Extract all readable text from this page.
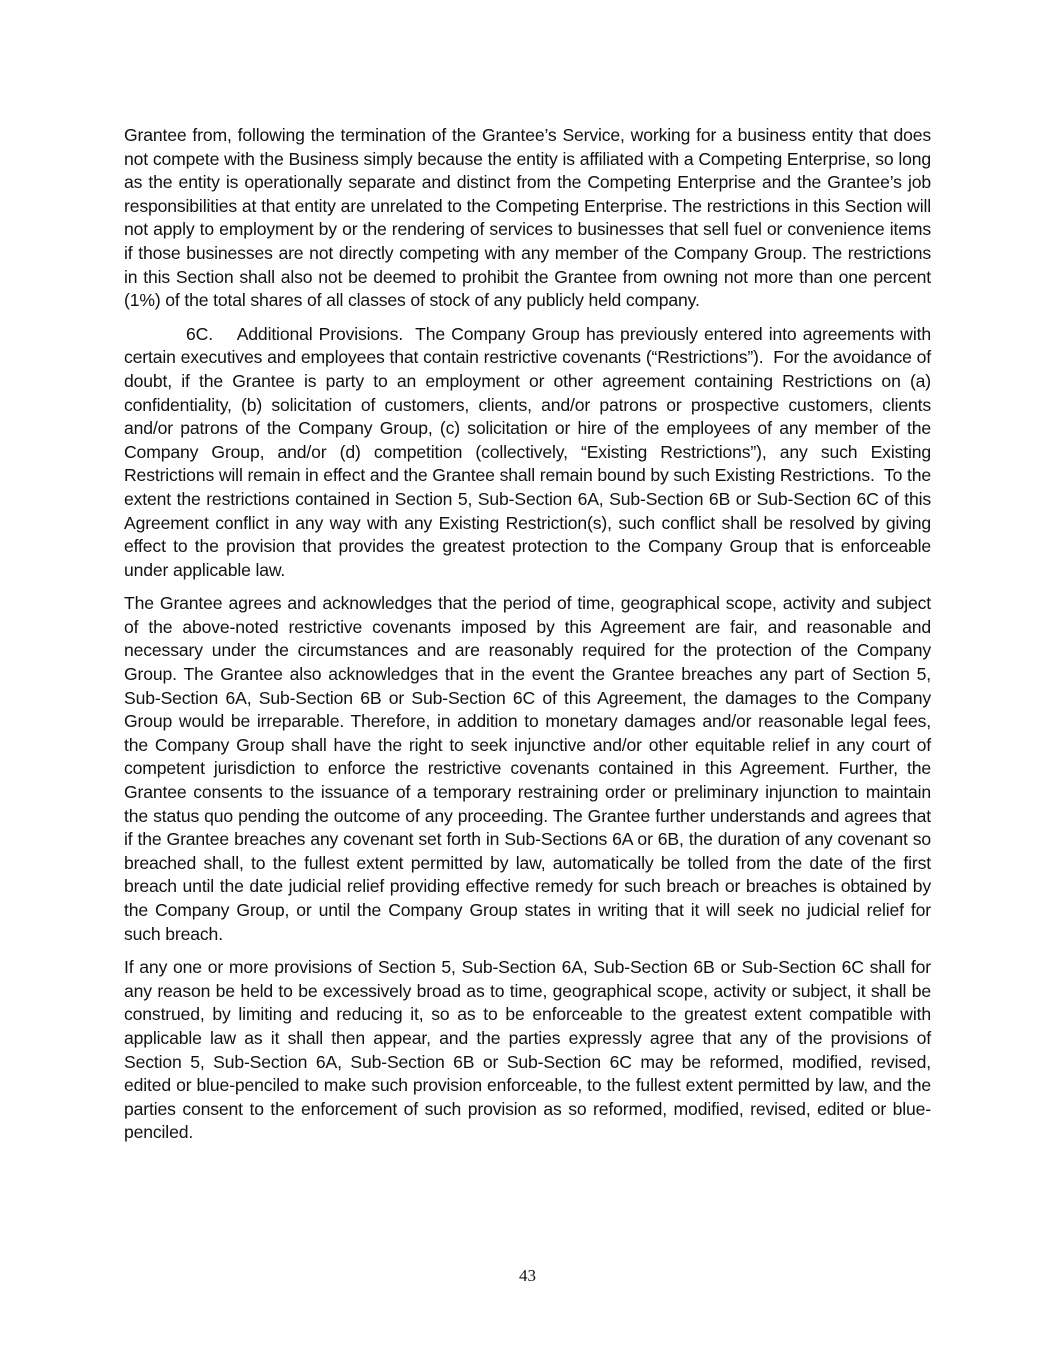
Grantee from, following the termination of the Grantee’s Service, working for a business entity that does not compete with the Business simply because the entity is affiliated with a Competing Enterprise, so long as the entity is operationally separate and distinct from the Competing Enterprise and the Grantee’s job responsibilities at that entity are unrelated to the Competing Enterprise. The restrictions in this Section will not apply to employment by or the rendering of services to businesses that sell fuel or convenience items if those businesses are not directly competing with any member of the Company Group. The restrictions in this Section shall also not be deemed to prohibit the Grantee from owning not more than one percent (1%) of the total shares of all classes of stock of any publicly held company.

6C.    Additional Provisions.  The Company Group has previously entered into agreements with certain executives and employees that contain restrictive covenants (“Restrictions”).  For the avoidance of doubt, if the Grantee is party to an employment or other agreement containing Restrictions on (a) confidentiality, (b) solicitation of customers, clients, and/or patrons or prospective customers, clients and/or patrons of the Company Group, (c) solicitation or hire of the employees of any member of the Company Group, and/or (d) competition (collectively, “Existing Restrictions”), any such Existing Restrictions will remain in effect and the Grantee shall remain bound by such Existing Restrictions.  To the extent the restrictions contained in Section 5, Sub-Section 6A, Sub-Section 6B or Sub-Section 6C of this Agreement conflict in any way with any Existing Restriction(s), such conflict shall be resolved by giving effect to the provision that provides the greatest protection to the Company Group that is enforceable under applicable law.

The Grantee agrees and acknowledges that the period of time, geographical scope, activity and subject of the above-noted restrictive covenants imposed by this Agreement are fair, and reasonable and necessary under the circumstances and are reasonably required for the protection of the Company Group. The Grantee also acknowledges that in the event the Grantee breaches any part of Section 5, Sub-Section 6A, Sub-Section 6B or Sub-Section 6C of this Agreement, the damages to the Company Group would be irreparable. Therefore, in addition to monetary damages and/or reasonable legal fees, the Company Group shall have the right to seek injunctive and/or other equitable relief in any court of competent jurisdiction to enforce the restrictive covenants contained in this Agreement. Further, the Grantee consents to the issuance of a temporary restraining order or preliminary injunction to maintain the status quo pending the outcome of any proceeding. The Grantee further understands and agrees that if the Grantee breaches any covenant set forth in Sub-Sections 6A or 6B, the duration of any covenant so breached shall, to the fullest extent permitted by law, automatically be tolled from the date of the first breach until the date judicial relief providing effective remedy for such breach or breaches is obtained by the Company Group, or until the Company Group states in writing that it will seek no judicial relief for such breach.

If any one or more provisions of Section 5, Sub-Section 6A, Sub-Section 6B or Sub-Section 6C shall for any reason be held to be excessively broad as to time, geographical scope, activity or subject, it shall be construed, by limiting and reducing it, so as to be enforceable to the greatest extent compatible with applicable law as it shall then appear, and the parties expressly agree that any of the provisions of Section 5, Sub-Section 6A, Sub-Section 6B or Sub-Section 6C may be reformed, modified, revised, edited or blue-penciled to make such provision enforceable, to the fullest extent permitted by law, and the parties consent to the enforcement of such provision as so reformed, modified, revised, edited or blue-penciled.

43
